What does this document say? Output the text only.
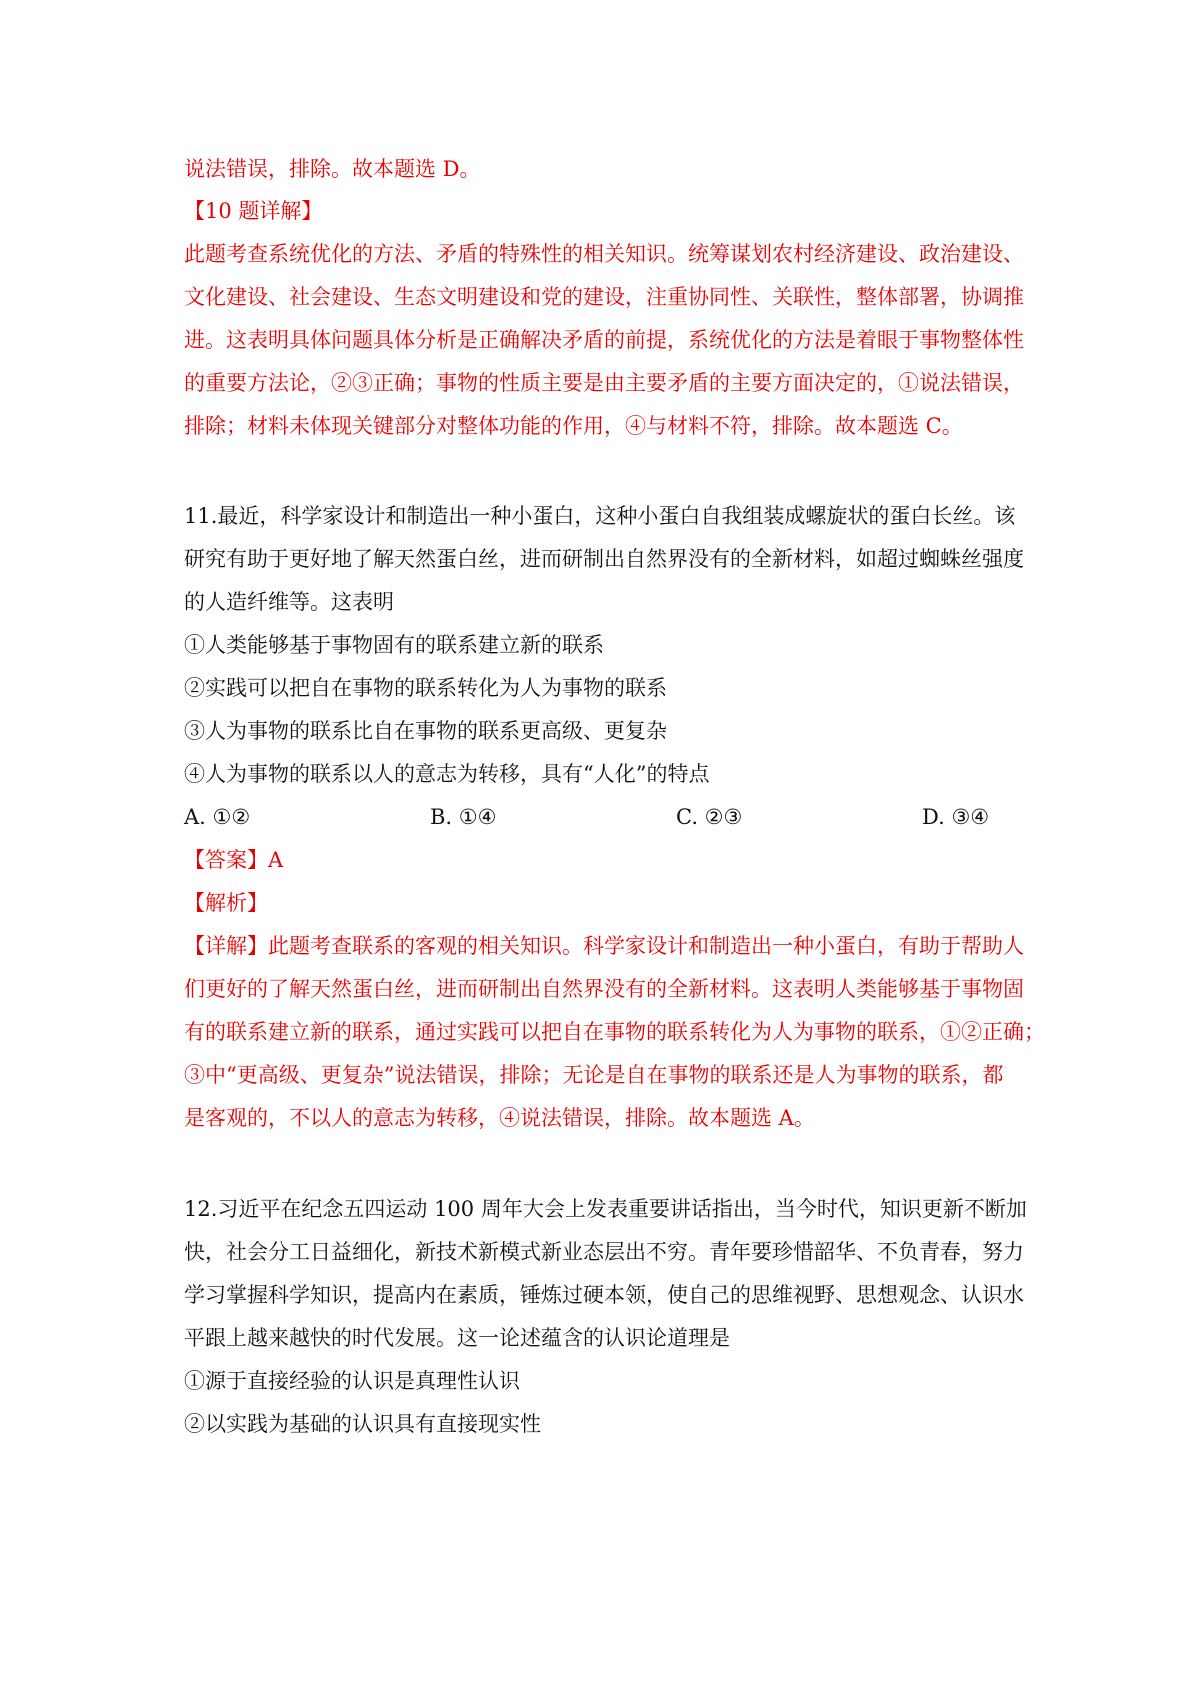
说法错误，排除。故本题选 D。
【10 题详解】
此题考查系统优化的方法、矛盾的特殊性的相关知识。统筹谋划农村经济建设、政治建设、
文化建设、社会建设、生态文明建设和党的建设，注重协同性、关联性，整体部署，协调推
进。这表明具体问题具体分析是正确解决矛盾的前提，系统优化的方法是着眼于事物整体性
的重要方法论，②③正确；事物的性质主要是由主要矛盾的主要方面决定的，①说法错误，
排除；材料未体现关键部分对整体功能的作用，④与材料不符，排除。故本题选 C。
11.最近，科学家设计和制造出一种小蛋白，这种小蛋白自我组装成螺旋状的蛋白长丝。该
研究有助于更好地了解天然蛋白丝，进而研制出自然界没有的全新材料，如超过蜘蛛丝强度
的人造纤维等。这表明
①人类能够基于事物固有的联系建立新的联系
②实践可以把自在事物的联系转化为人为事物的联系
③人为事物的联系比自在事物的联系更高级、更复杂
④人为事物的联系以人的意志为转移，具有“人化”的特点
A. ①②	B. ①④	C. ②③	D. ③④
【答案】A
【解析】
【详解】此题考查联系的客观的相关知识。科学家设计和制造出一种小蛋白，有助于帮助人
们更好的了解天然蛋白丝，进而研制出自然界没有的全新材料。这表明人类能够基于事物固
有的联系建立新的联系，通过实践可以把自在事物的联系转化为人为事物的联系，①②正确；
③中“更高级、更复杂”说法错误，排除；无论是自在事物的联系还是人为事物的联系，都
是客观的，不以人的意志为转移，④说法错误，排除。故本题选 A。
12.习近平在纪念五四运动 100 周年大会上发表重要讲话指出，当今时代，知识更新不断加
快，社会分工日益细化，新技术新模式新业态层出不穷。青年要珍惜韶华、不负青春，努力
学习掌握科学知识，提高内在素质，锤炼过硬本领，使自己的思维视野、思想观念、认识水
平跟上越来越快的时代发展。这一论述蕴含的认识论道理是
①源于直接经验的认识是真理性认识
②以实践为基础的认识具有直接现实性
